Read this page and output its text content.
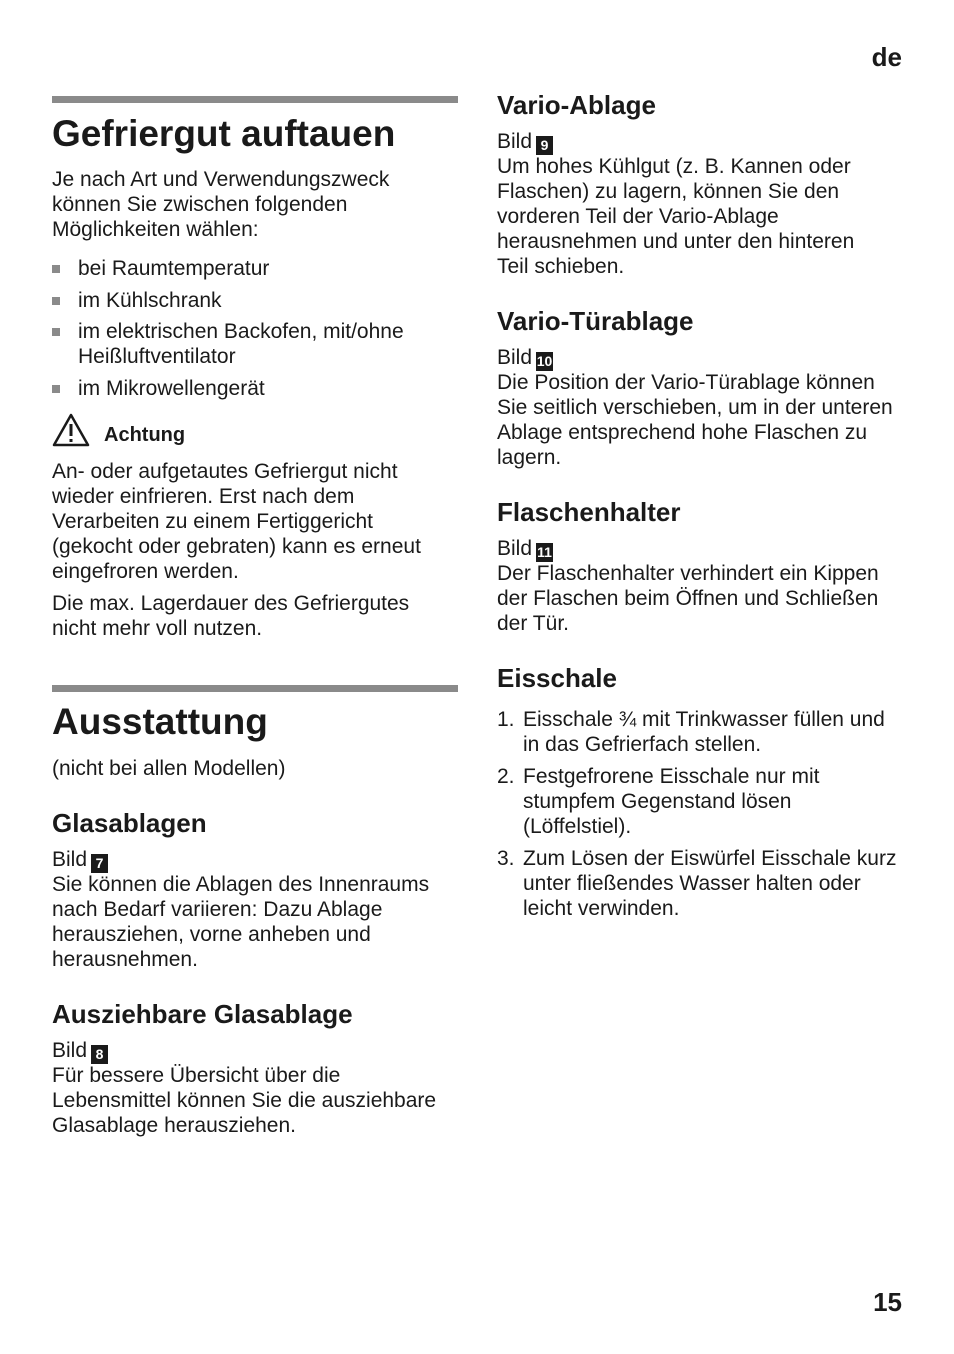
de
15
Gefriergut auftauen

Je nach Art und Verwendungszweck können Sie zwischen folgenden Möglichkeiten wählen:

bei Raumtemperatur
im Kühlschrank
im elektrischen Backofen, mit/ohne Heißluftventilator
im Mikrowellengerät
Achtung

An- oder aufgetautes Gefriergut nicht wieder einfrieren. Erst nach dem Verarbeiten zu einem Fertiggericht (gekocht oder gebraten) kann es erneut eingefroren werden.

Die max. Lagerdauer des Gefriergutes nicht mehr voll nutzen.

Ausstattung

(nicht bei allen Modellen)

Glasablagen

Bild 7

Sie können die Ablagen des Innenraums nach Bedarf variieren: Dazu Ablage herausziehen, vorne anheben und herausnehmen.

Ausziehbare Glasablage

Bild 8

Für bessere Übersicht über die Lebensmittel können Sie die ausziehbare Glasablage herausziehen.

Vario-Ablage

Bild 9

Um hohes Kühlgut (z. B. Kannen oder Flaschen) zu lagern, können Sie den vorderen Teil der Vario-Ablage herausnehmen und unter den hinteren Teil schieben.

Vario-Türablage

Bild 10

Die Position der Vario-Türablage können Sie seitlich verschieben, um in der unteren Ablage entsprechend hohe Flaschen zu lagern.

Flaschenhalter

Bild 11

Der Flaschenhalter verhindert ein Kippen der Flaschen beim Öffnen und Schließen der Tür.

Eisschale
1. Eisschale ¾ mit Trinkwasser füllen und in das Gefrierfach stellen.
2. Festgefrorene Eisschale nur mit stumpfem Gegenstand lösen (Löffelstiel).
3. Zum Lösen der Eiswürfel Eisschale kurz unter fließendes Wasser halten oder leicht verwinden.
